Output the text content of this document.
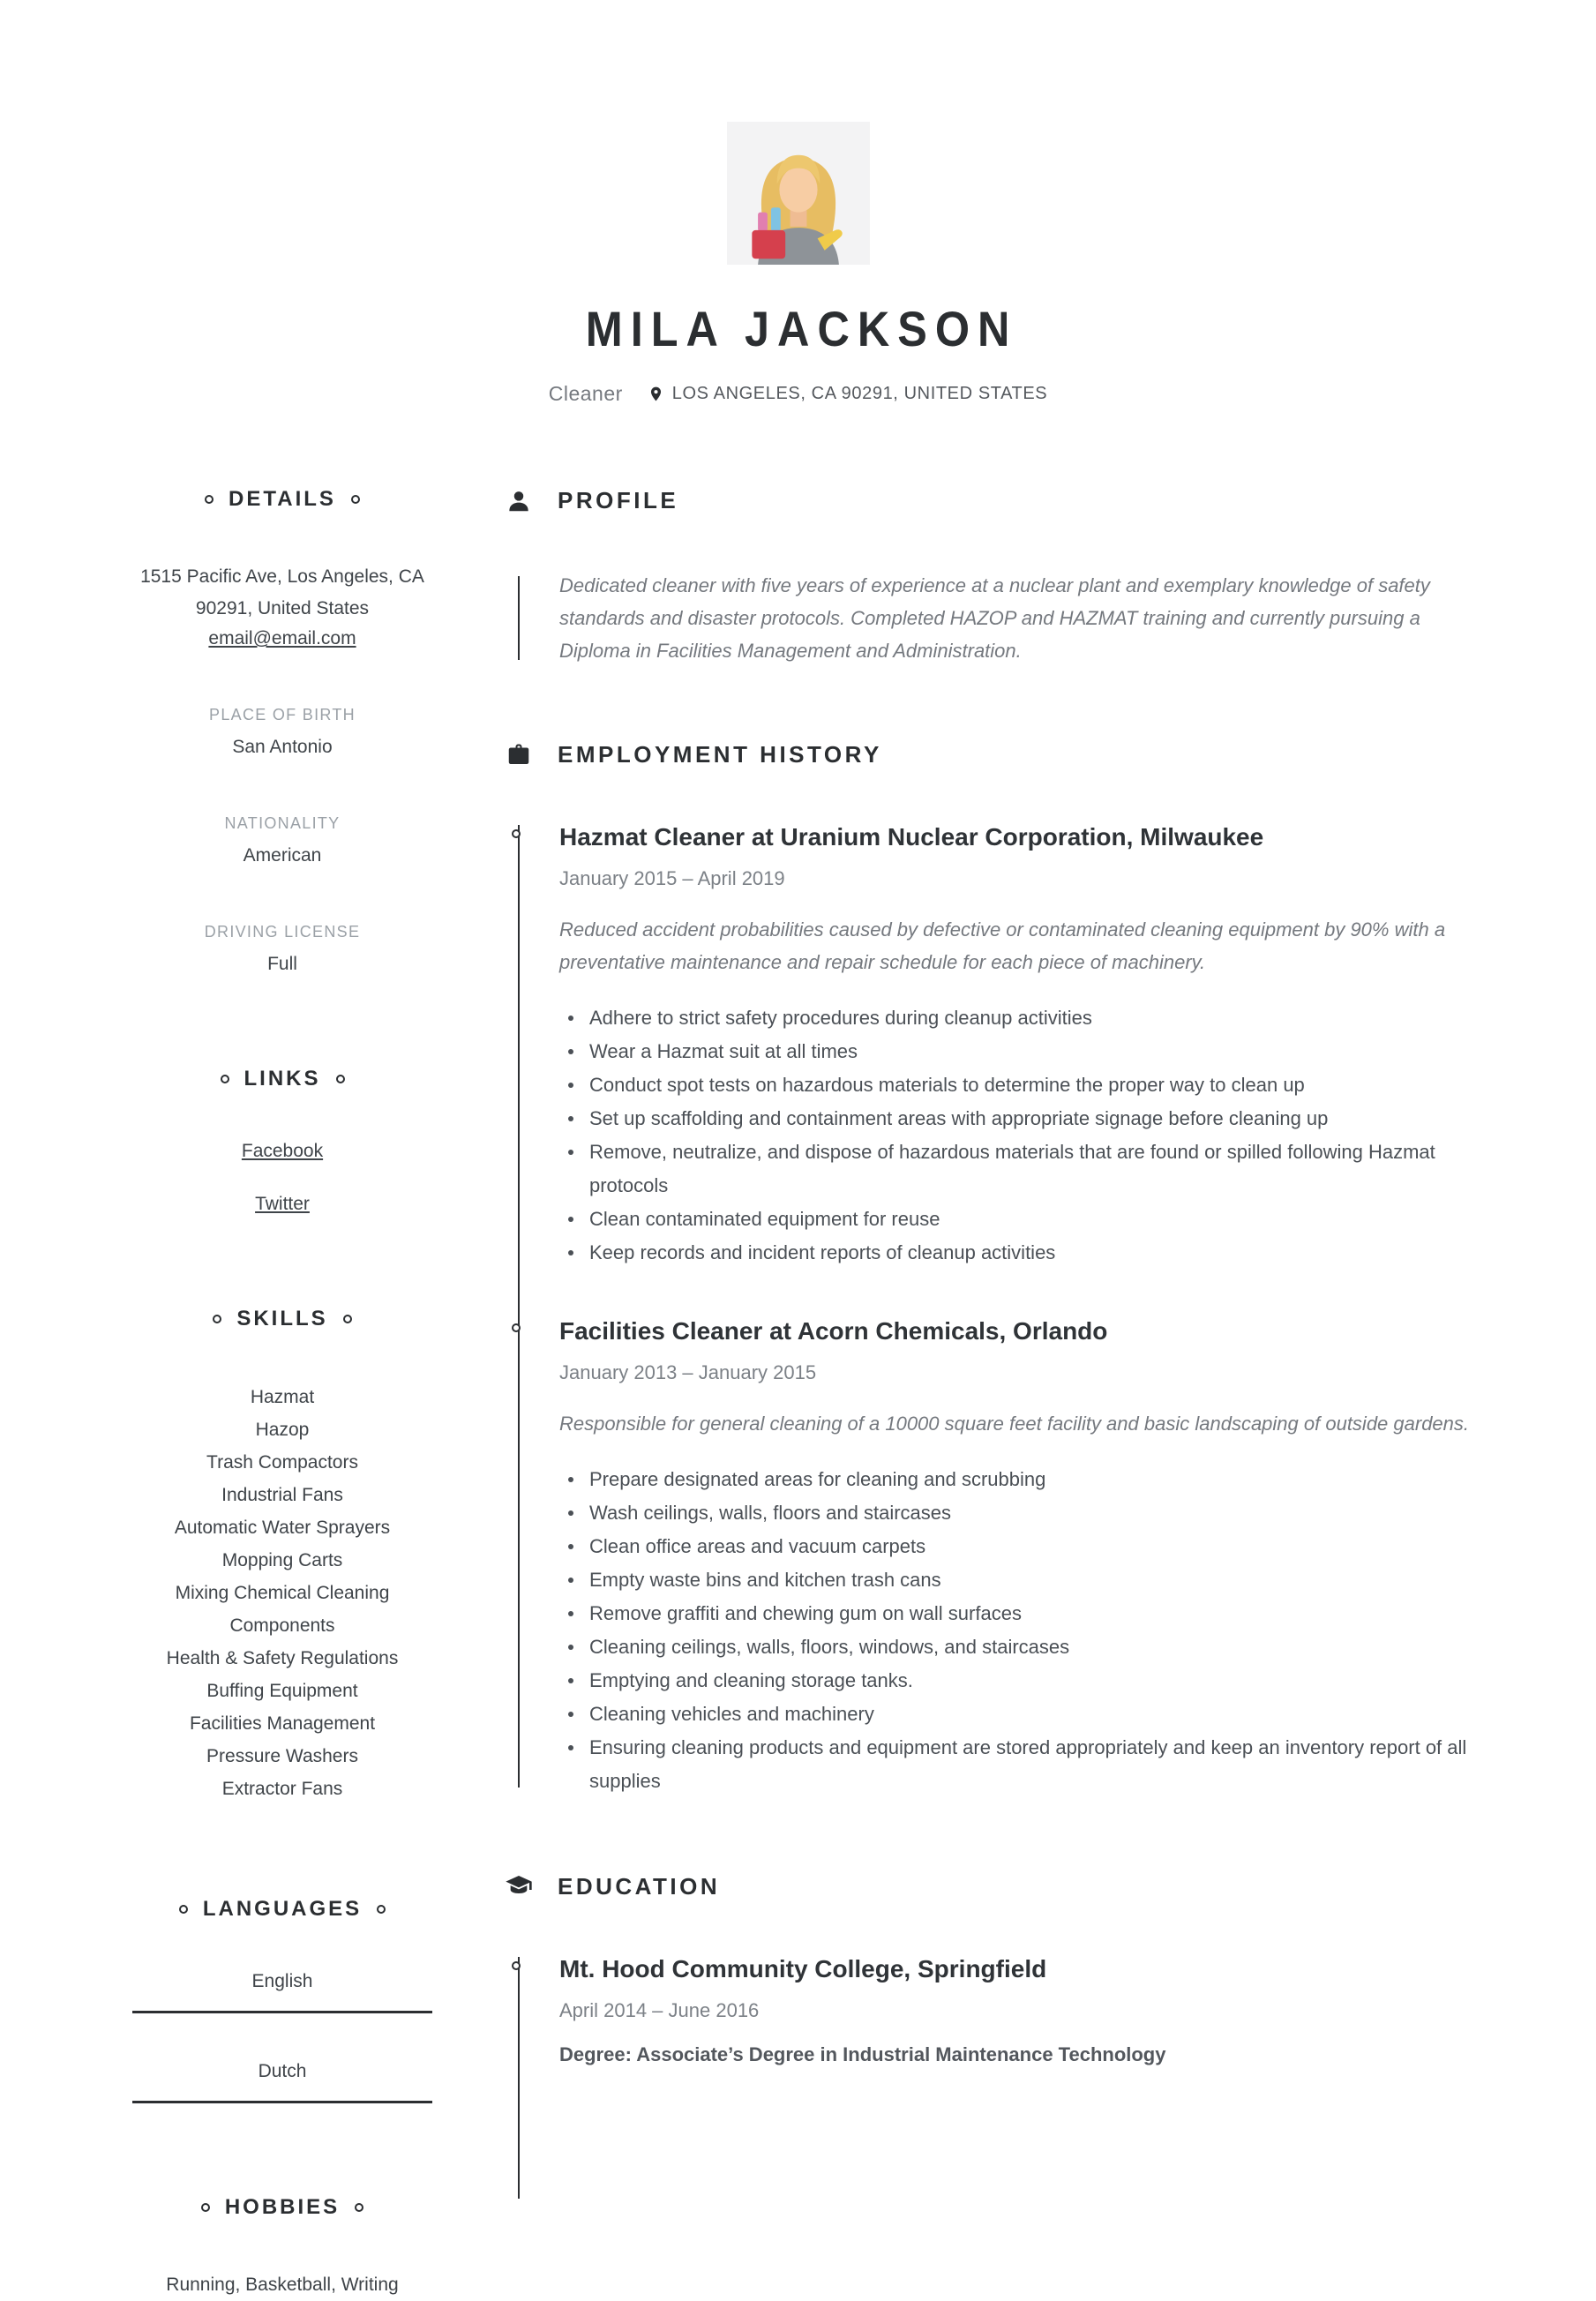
MILA JACKSON
Cleaner	LOS ANGELES, CA 90291, UNITED STATES
DETAILS
1515 Pacific Ave, Los Angeles, CA 90291, United States
email@email.com
PLACE OF BIRTH
San Antonio
NATIONALITY
American
DRIVING LICENSE
Full
LINKS
Facebook
Twitter
SKILLS
Hazmat
Hazop
Trash Compactors
Industrial Fans
Automatic Water Sprayers
Mopping Carts
Mixing Chemical Cleaning Components
Health & Safety Regulations
Buffing Equipment
Facilities Management
Pressure Washers
Extractor Fans
LANGUAGES
English
Dutch
HOBBIES
Running, Basketball, Writing
PROFILE

Dedicated cleaner with five years of experience at a nuclear plant and exemplary knowledge of safety standards and disaster protocols. Completed HAZOP and HAZMAT training and currently pursuing a Diploma in Facilities Management and Administration.

EMPLOYMENT HISTORY
Hazmat Cleaner at Uranium Nuclear Corporation, Milwaukee
January 2015 – April 2019

Reduced accident probabilities caused by defective or contaminated cleaning equipment by 90% with a preventative maintenance and repair schedule for each piece of machinery.

Adhere to strict safety procedures during cleanup activities
Wear a Hazmat suit at all times
Conduct spot tests on hazardous materials to determine the proper way to clean up
Set up scaffolding and containment areas with appropriate signage before cleaning up
Remove, neutralize, and dispose of hazardous materials that are found or spilled following Hazmat protocols
Clean contaminated equipment for reuse
Keep records and incident reports of cleanup activities
Facilities Cleaner at Acorn Chemicals, Orlando
January 2013 – January 2015

Responsible for general cleaning of a 10000 square feet facility and basic landscaping of outside gardens.

Prepare designated areas for cleaning and scrubbing
Wash ceilings, walls, floors and staircases
Clean office areas and vacuum carpets
Empty waste bins and kitchen trash cans
Remove graffiti and chewing gum on wall surfaces
Cleaning ceilings, walls, floors, windows, and staircases
Emptying and cleaning storage tanks.
Cleaning vehicles and machinery
Ensuring cleaning products and equipment are stored appropriately and keep an inventory report of all supplies
EDUCATION
Mt. Hood Community College, Springfield
April 2014 – June 2016
Degree: Associate’s Degree in Industrial Maintenance Technology
